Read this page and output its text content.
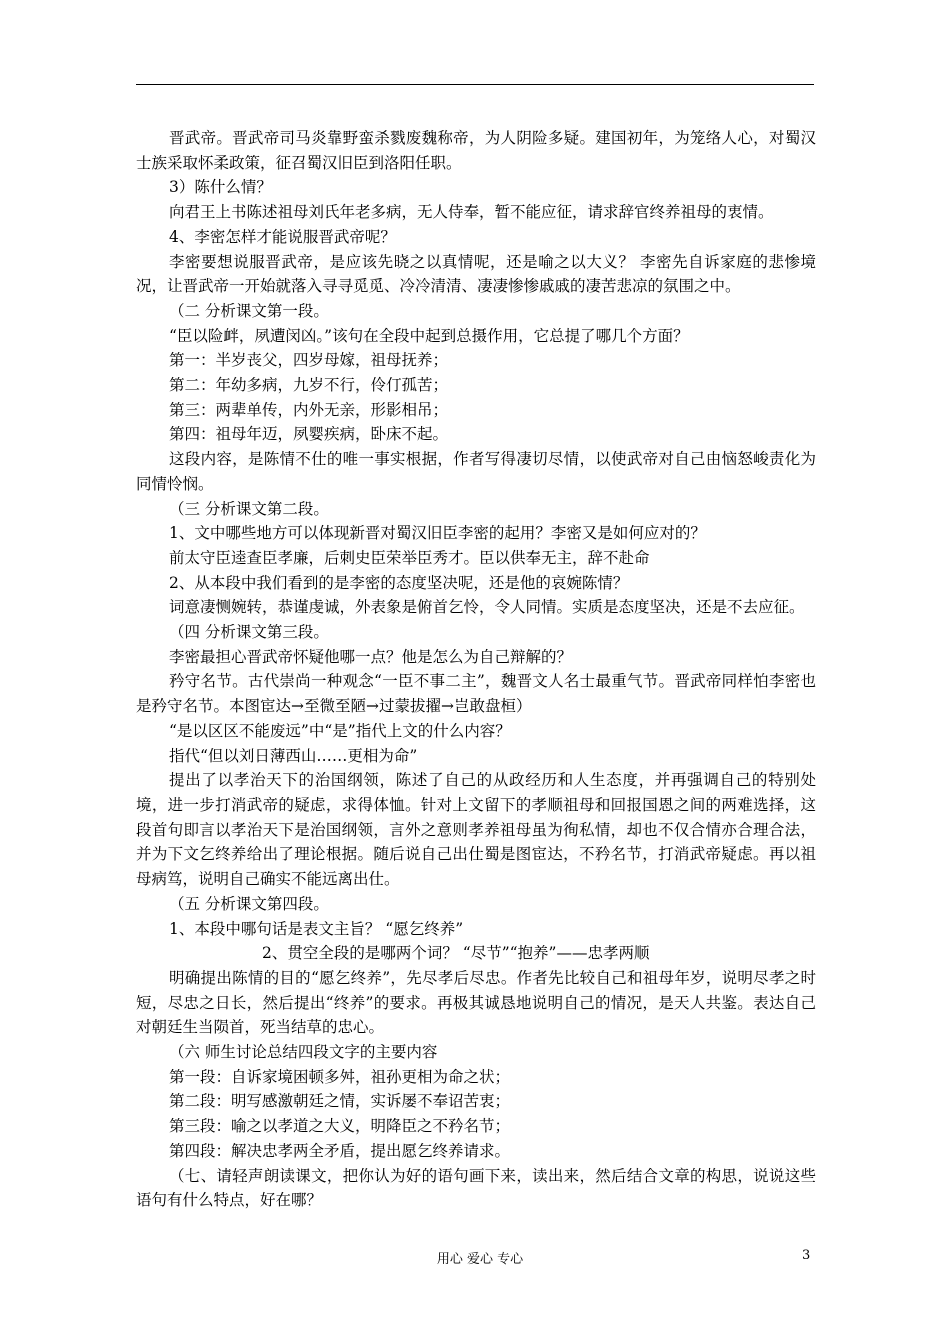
晋武帝。晋武帝司马炎靠野蛮杀戮废魏称帝，为人阴险多疑。建国初年，为笼络人心，对蜀汉士族采取怀柔政策，征召蜀汉旧臣到洛阳任职。

3）陈什么情？

向君王上书陈述祖母刘氏年老多病，无人侍奉，暂不能应征，请求辞官终养祖母的衷情。

4、李密怎样才能说服晋武帝呢？

李密要想说服晋武帝，是应该先晓之以真情呢，还是喻之以大义？ 李密先自诉家庭的悲惨境况，让晋武帝一开始就落入寻寻觅觅、冷冷清清、凄凄惨惨戚戚的凄苦悲凉的氛围之中。

（二 分析课文第一段。

“臣以险衅，夙遭闵凶。”该句在全段中起到总摄作用，它总提了哪几个方面？

第一：半岁丧父，四岁母嫁，祖母抚养；

第二：年幼多病，九岁不行，伶仃孤苦；

第三：两辈单传，内外无亲，形影相吊；

第四：祖母年迈，夙婴疾病，卧床不起。

这段内容，是陈情不仕的唯一事实根据，作者写得凄切尽情，以使武帝对自己由恼怒峻责化为同情怜悯。

（三 分析课文第二段。

1、文中哪些地方可以体现新晋对蜀汉旧臣李密的起用？李密又是如何应对的？

前太守臣逵查臣孝廉，后刺史臣荣举臣秀才。臣以供奉无主，辞不赴命

2、从本段中我们看到的是李密的态度坚决呢，还是他的哀婉陈情？

词意凄恻婉转，恭谨虔诚，外表象是俯首乞怜，令人同情。实质是态度坚决，还是不去应征。

（四 分析课文第三段。

李密最担心晋武帝怀疑他哪一点？他是怎么为自己辩解的？

矜守名节。古代崇尚一种观念“一臣不事二主”，魏晋文人名士最重气节。晋武帝同样怕李密也是矜守名节。本图宦达→至微至陋→过蒙拔擢→岂敢盘桓）

“是以区区不能废远”中“是”指代上文的什么内容？

指代“但以刘日薄西山……更相为命”

提出了以孝治天下的治国纲领，陈述了自己的从政经历和人生态度，并再强调自己的特别处境，进一步打消武帝的疑虑，求得体恤。针对上文留下的孝顺祖母和回报国恩之间的两难选择，这段首句即言以孝治天下是治国纲领，言外之意则孝养祖母虽为徇私情，却也不仅合情亦合理合法，并为下文乞终养给出了理论根据。随后说自己出仕蜀是图宦达，不矜名节，打消武帝疑虑。再以祖母病笃，说明自己确实不能远离出仕。

（五 分析课文第四段。

1、本段中哪句话是表文主旨？ “愿乞终养”

2、贯空全段的是哪两个词？ “尽节”“抱养”——忠孝两顺

明确提出陈情的目的“愿乞终养”，先尽孝后尽忠。作者先比较自己和祖母年岁，说明尽孝之时短，尽忠之日长，然后提出“终养”的要求。再极其诚恳地说明自己的情况，是天人共鉴。表达自己对朝廷生当陨首，死当结草的忠心。

（六 师生讨论总结四段文字的主要内容

第一段：自诉家境困顿多舛，祖孙更相为命之状；

第二段：明写感激朝廷之情，实诉屡不奉诏苦衷；

第三段：喻之以孝道之大义，明降臣之不矜名节；

第四段：解决忠孝两全矛盾，提出愿乞终养请求。

（七、请轻声朗读课文，把你认为好的语句画下来，读出来，然后结合文章的构思，说说这些语句有什么特点，好在哪？

用心 爱心 专心	3
